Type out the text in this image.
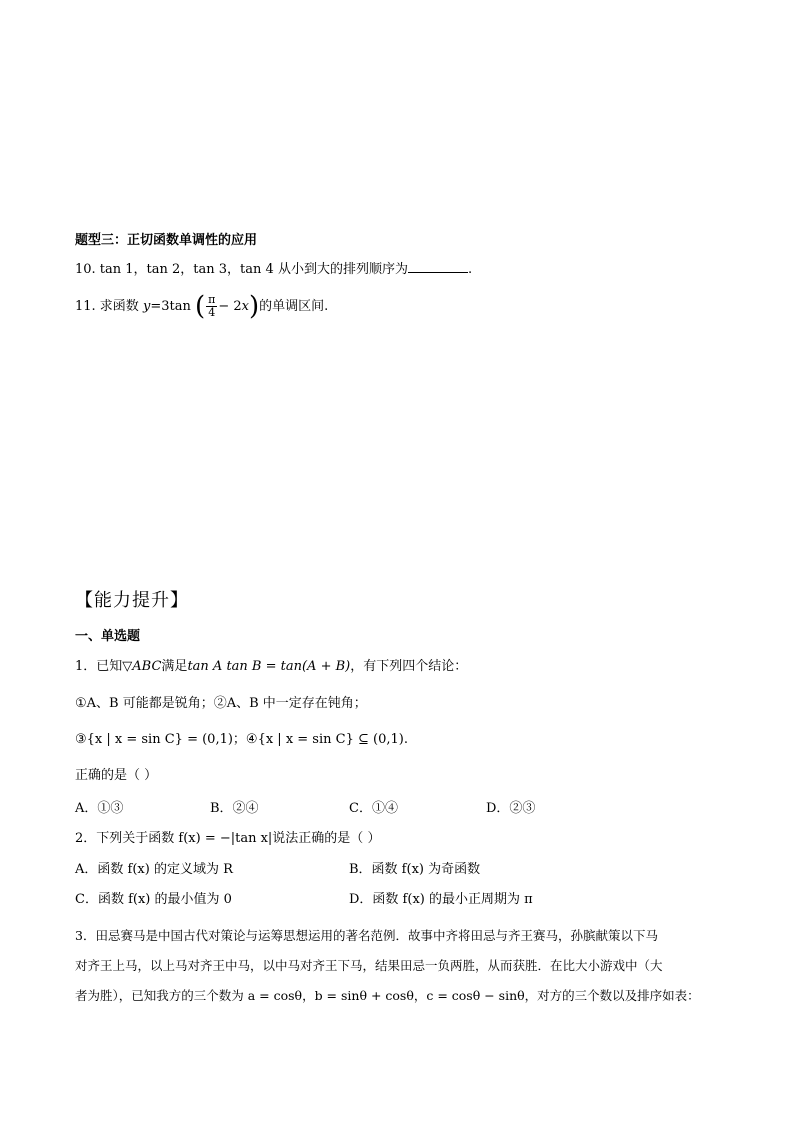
题型三：正切函数单调性的应用
10. tan 1，tan 2，tan 3，tan 4 从小到大的排列顺序为	.
11. 求函数 y=3tan ( $\frac{\pi}{4} - 2x$)的单调区间.
【能力提升】
一、单选题
1．已知▽ABC满足tan A tan B = tan(A + B)，有下列四个结论：
①A、B 可能都是锐角；②A、B 中一定存在钝角；
③{x | x = sin C} = (0,1)；④{x | x = sin C} ⊆ (0,1).
正确的是（ ）
A．①③	B．②④	C．①④	D．②③
2．下列关于函数 f(x) = −|tan x|说法正确的是（ ）
A．函数 f(x) 的定义域为 R	B．函数 f(x) 为奇函数
C．函数 f(x) 的最小值为 0	D．函数 f(x) 的最小正周期为 π
3．田忌赛马是中国古代对策论与运筹思想运用的著名范例．故事中齐将田忌与齐王赛马，孙膑献策以下马
对齐王上马，以上马对齐王中马，以中马对齐王下马，结果田忌一负两胜，从而获胜．在比大小游戏中（大
者为胜），已知我方的三个数为 a = cosθ，b = sinθ + cosθ，c = cosθ − sinθ，对方的三个数以及排序如表：
